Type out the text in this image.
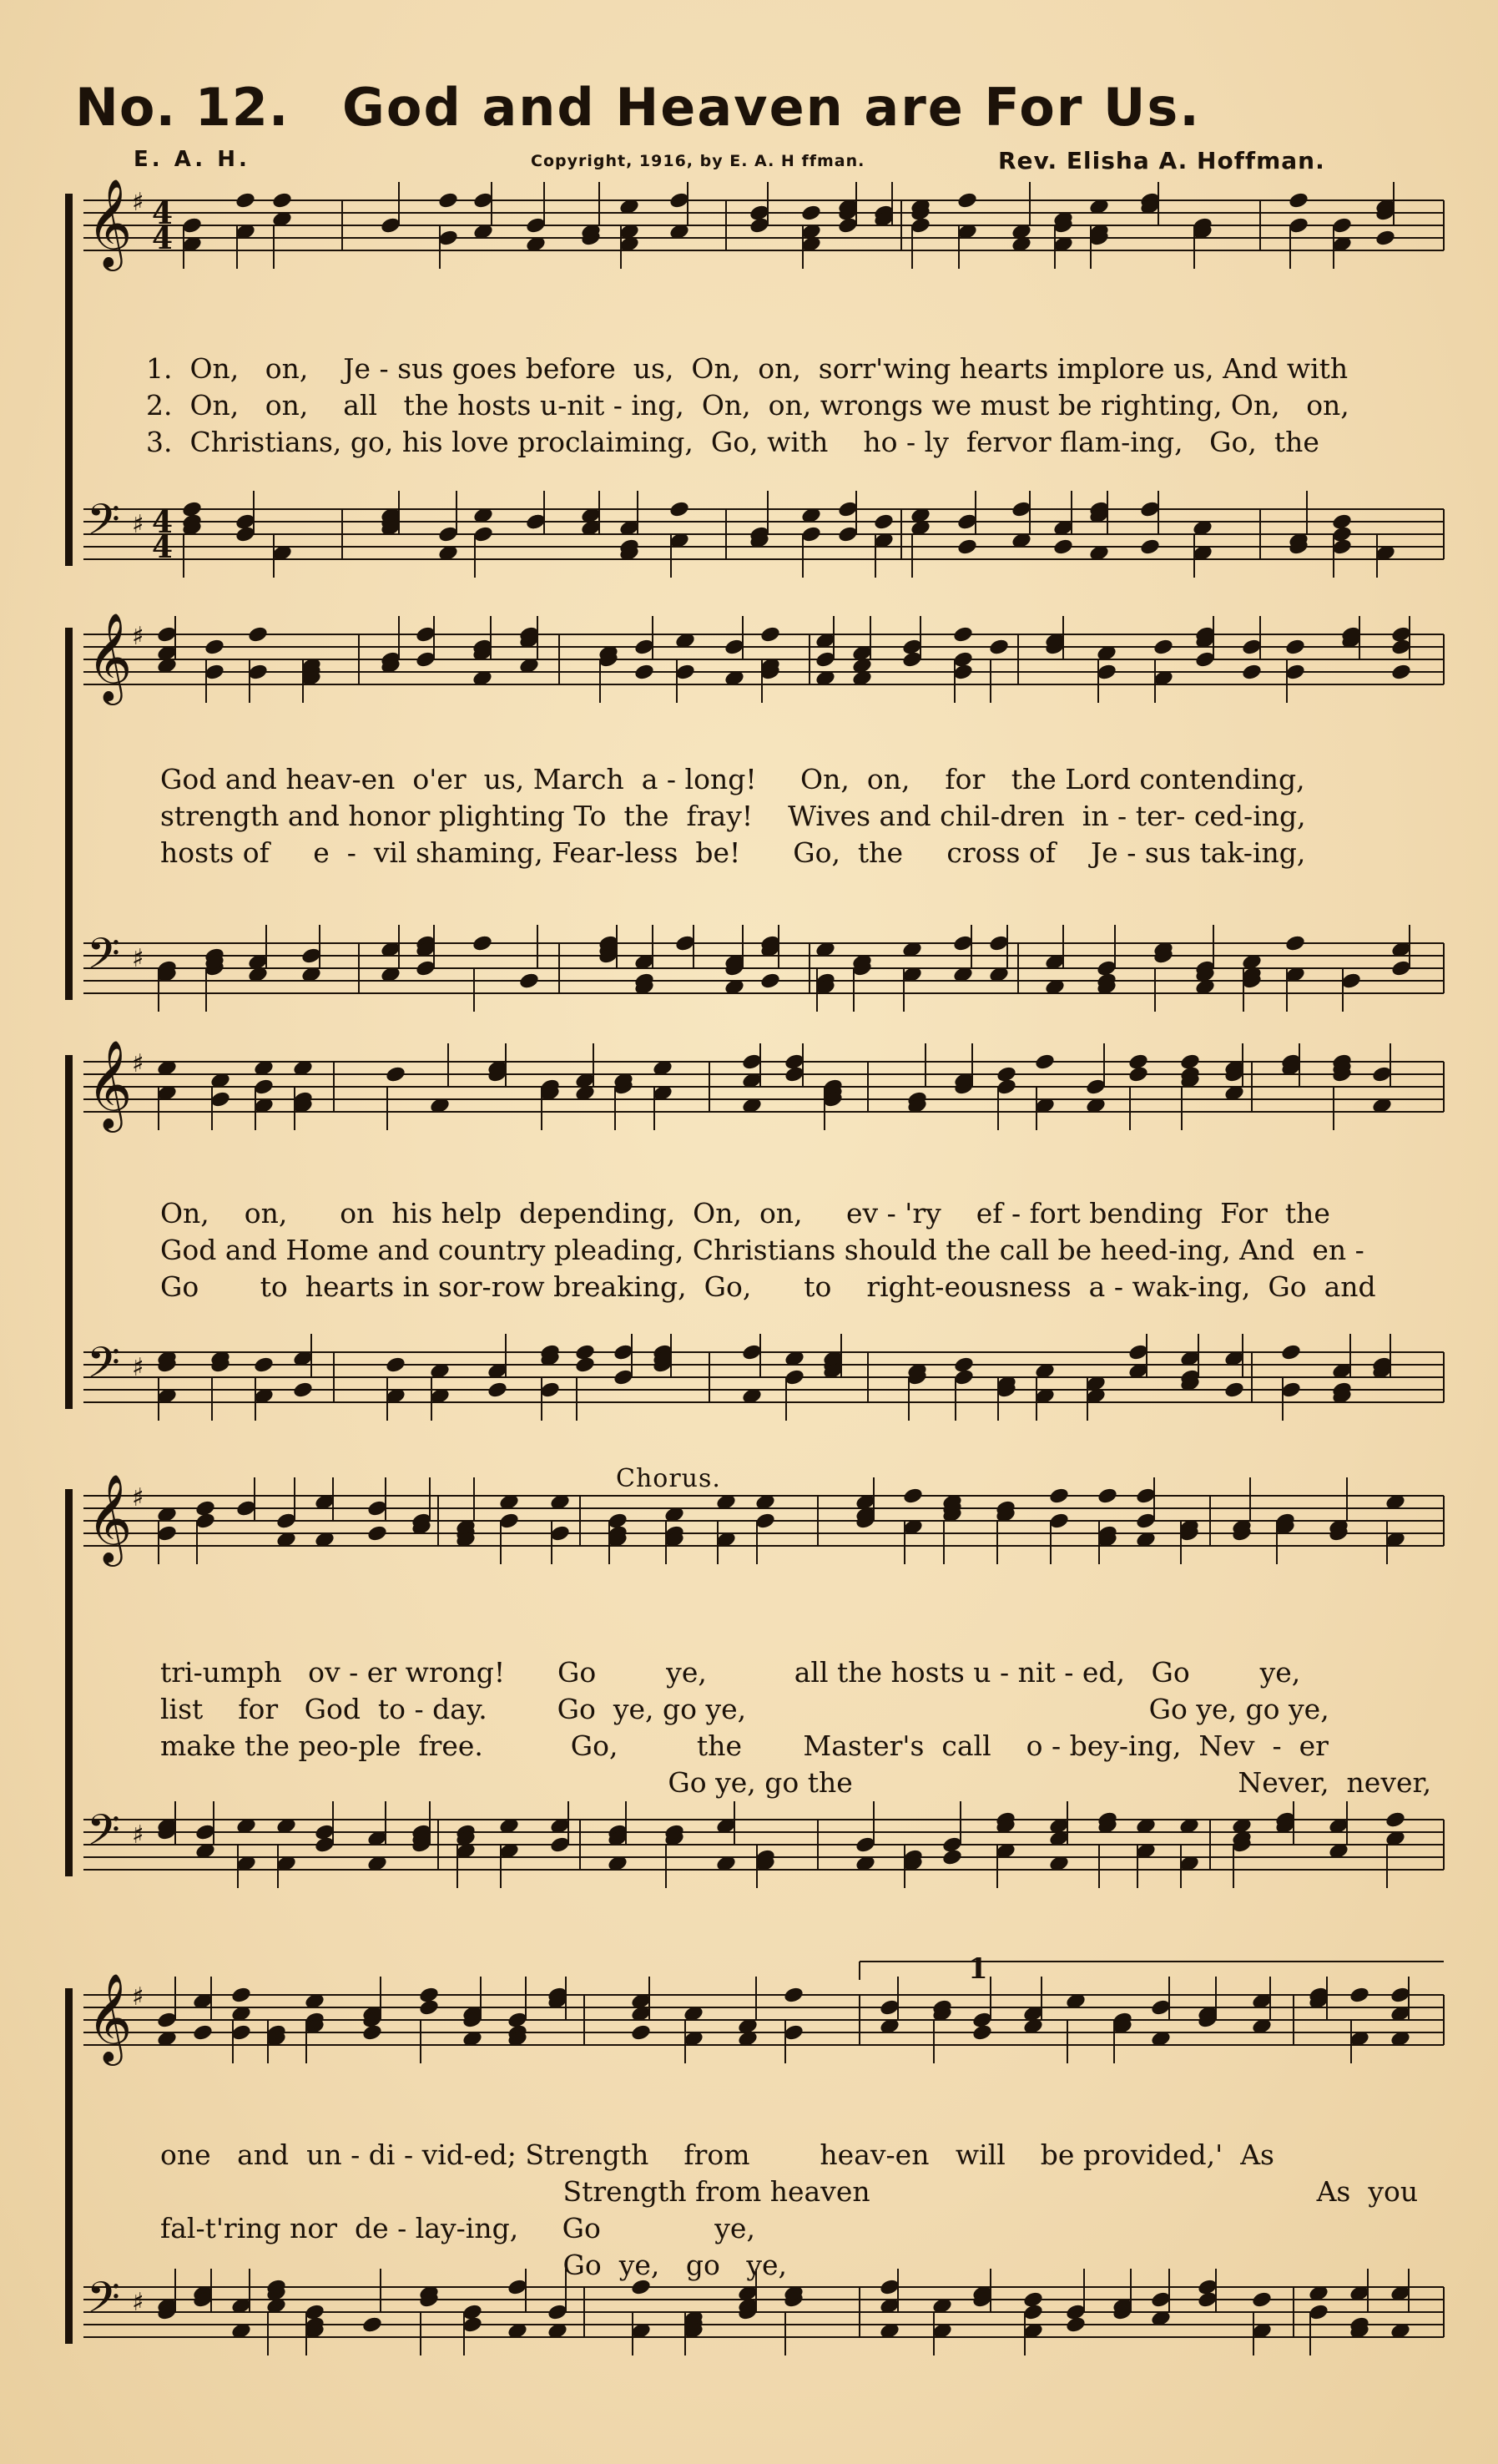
No. 12. God and Heaven are For Us.
E. A. H.	Copyright, 1916, by E. A. H ffman.	Rev. Elisha A. Hoffman.
𝄞 ♯ 4
4
𝄢 ♯ 4
4
1.  On,   on,    Je - sus goes before  us,  On,  on,  sorr'wing hearts implore us, And with
2.  On,   on,    all   the hosts u-nit - ing,  On,  on, wrongs we must be righting, On,   on,
3.  Christians, go, his love proclaiming,  Go, with    ho - ly  fervor flam-ing,   Go,  the
𝄞 ♯
𝄢 ♯
God and heav-en  o'er  us, March  a - long!     On,  on,    for   the Lord contending,
strength and honor plighting To  the  fray!    Wives and chil-dren  in - ter- ced-ing,
hosts of     e  -  vil shaming, Fear-less  be!      Go,  the     cross of    Je - sus tak-ing,
𝄞 ♯
𝄢 ♯
On,    on,      on  his help  depending,  On,  on,     ev - 'ry    ef - fort bending  For  the
God and Home and country pleading, Christians should the call be heed-ing, And  en -
Go       to  hearts in sor-row breaking,  Go,      to    right-eousness  a - wak-ing,  Go  and
𝄞 ♯
𝄢 ♯
tri-umph   ov - er wrong!      Go        ye,          all the hosts u - nit - ed,   Go        ye,
list    for   God  to - day.        Go  ye, go ye,                                              Go ye, go ye,
make the peo-ple  free.          Go,         the       Master's  call    o - bey-ing,  Nev  -  er
Go ye, go the                                            Never,  never,
𝄞 ♯
𝄢 ♯
1
one   and  un - di - vid-ed; Strength    from        heav-en   will    be provided,'  As
Strength from heaven                                                   As  you
fal-t'ring nor  de - lay-ing,     Go             ye,
Go  ye,   go   ye,
Chorus.
